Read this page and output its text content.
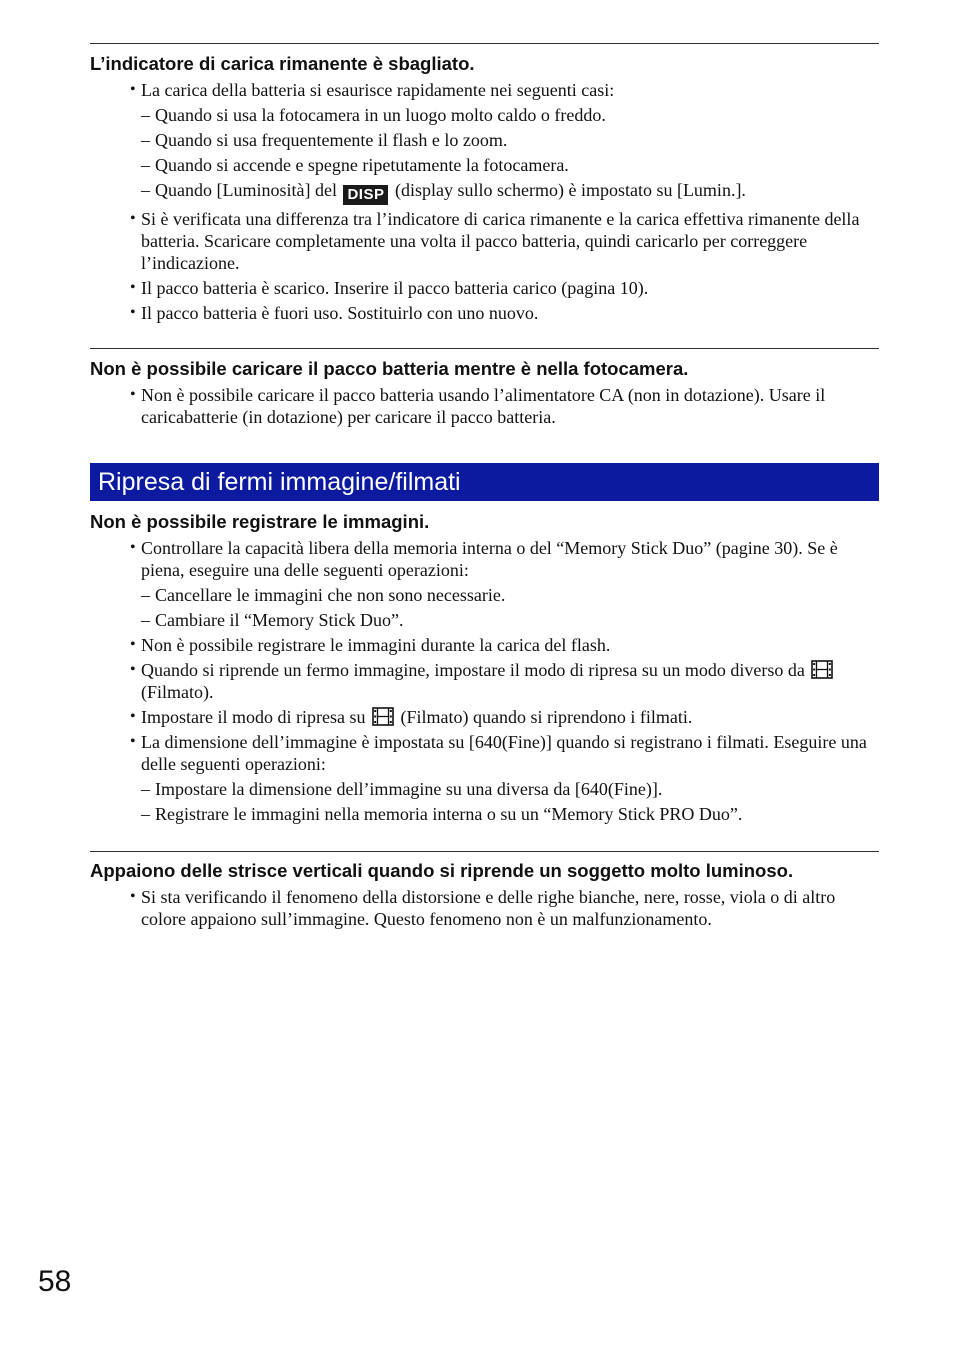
L’indicatore di carica rimanente è sbagliato.
• La carica della batteria si esaurisce rapidamente nei seguenti casi:
– Quando si usa la fotocamera in un luogo molto caldo o freddo.
– Quando si usa frequentemente il flash e lo zoom.
– Quando si accende e spegne ripetutamente la fotocamera.
– Quando [Luminosità] del DISP (display sullo schermo) è impostato su [Lumin.].
• Si è verificata una differenza tra l’indicatore di carica rimanente e la carica effettiva rimanente della batteria. Scaricare completamente una volta il pacco batteria, quindi caricarlo per correggere l’indicazione.
• Il pacco batteria è scarico. Inserire il pacco batteria carico (pagina 10).
• Il pacco batteria è fuori uso. Sostituirlo con uno nuovo.
Non è possibile caricare il pacco batteria mentre è nella fotocamera.
• Non è possibile caricare il pacco batteria usando l’alimentatore CA (non in dotazione). Usare il caricabatterie (in dotazione) per caricare il pacco batteria.
Ripresa di fermi immagine/filmati
Non è possibile registrare le immagini.
• Controllare la capacità libera della memoria interna o del “Memory Stick Duo” (pagine 30). Se è piena, eseguire una delle seguenti operazioni:
– Cancellare le immagini che non sono necessarie.
– Cambiare il “Memory Stick Duo”.
• Non è possibile registrare le immagini durante la carica del flash.
• Quando si riprende un fermo immagine, impostare il modo di ripresa su un modo diverso da  (Filmato).
• Impostare il modo di ripresa su (Filmato) quando si riprendono i filmati.
• La dimensione dell’immagine è impostata su [640(Fine)] quando si registrano i filmati. Eseguire una delle seguenti operazioni:
– Impostare la dimensione dell’immagine su una diversa da [640(Fine)].
– Registrare le immagini nella memoria interna o su un “Memory Stick PRO Duo”.
Appaiono delle strisce verticali quando si riprende un soggetto molto luminoso.
• Si sta verificando il fenomeno della distorsione e delle righe bianche, nere, rosse, viola o di altro colore appaiono sull’immagine. Questo fenomeno non è un malfunzionamento.
58
